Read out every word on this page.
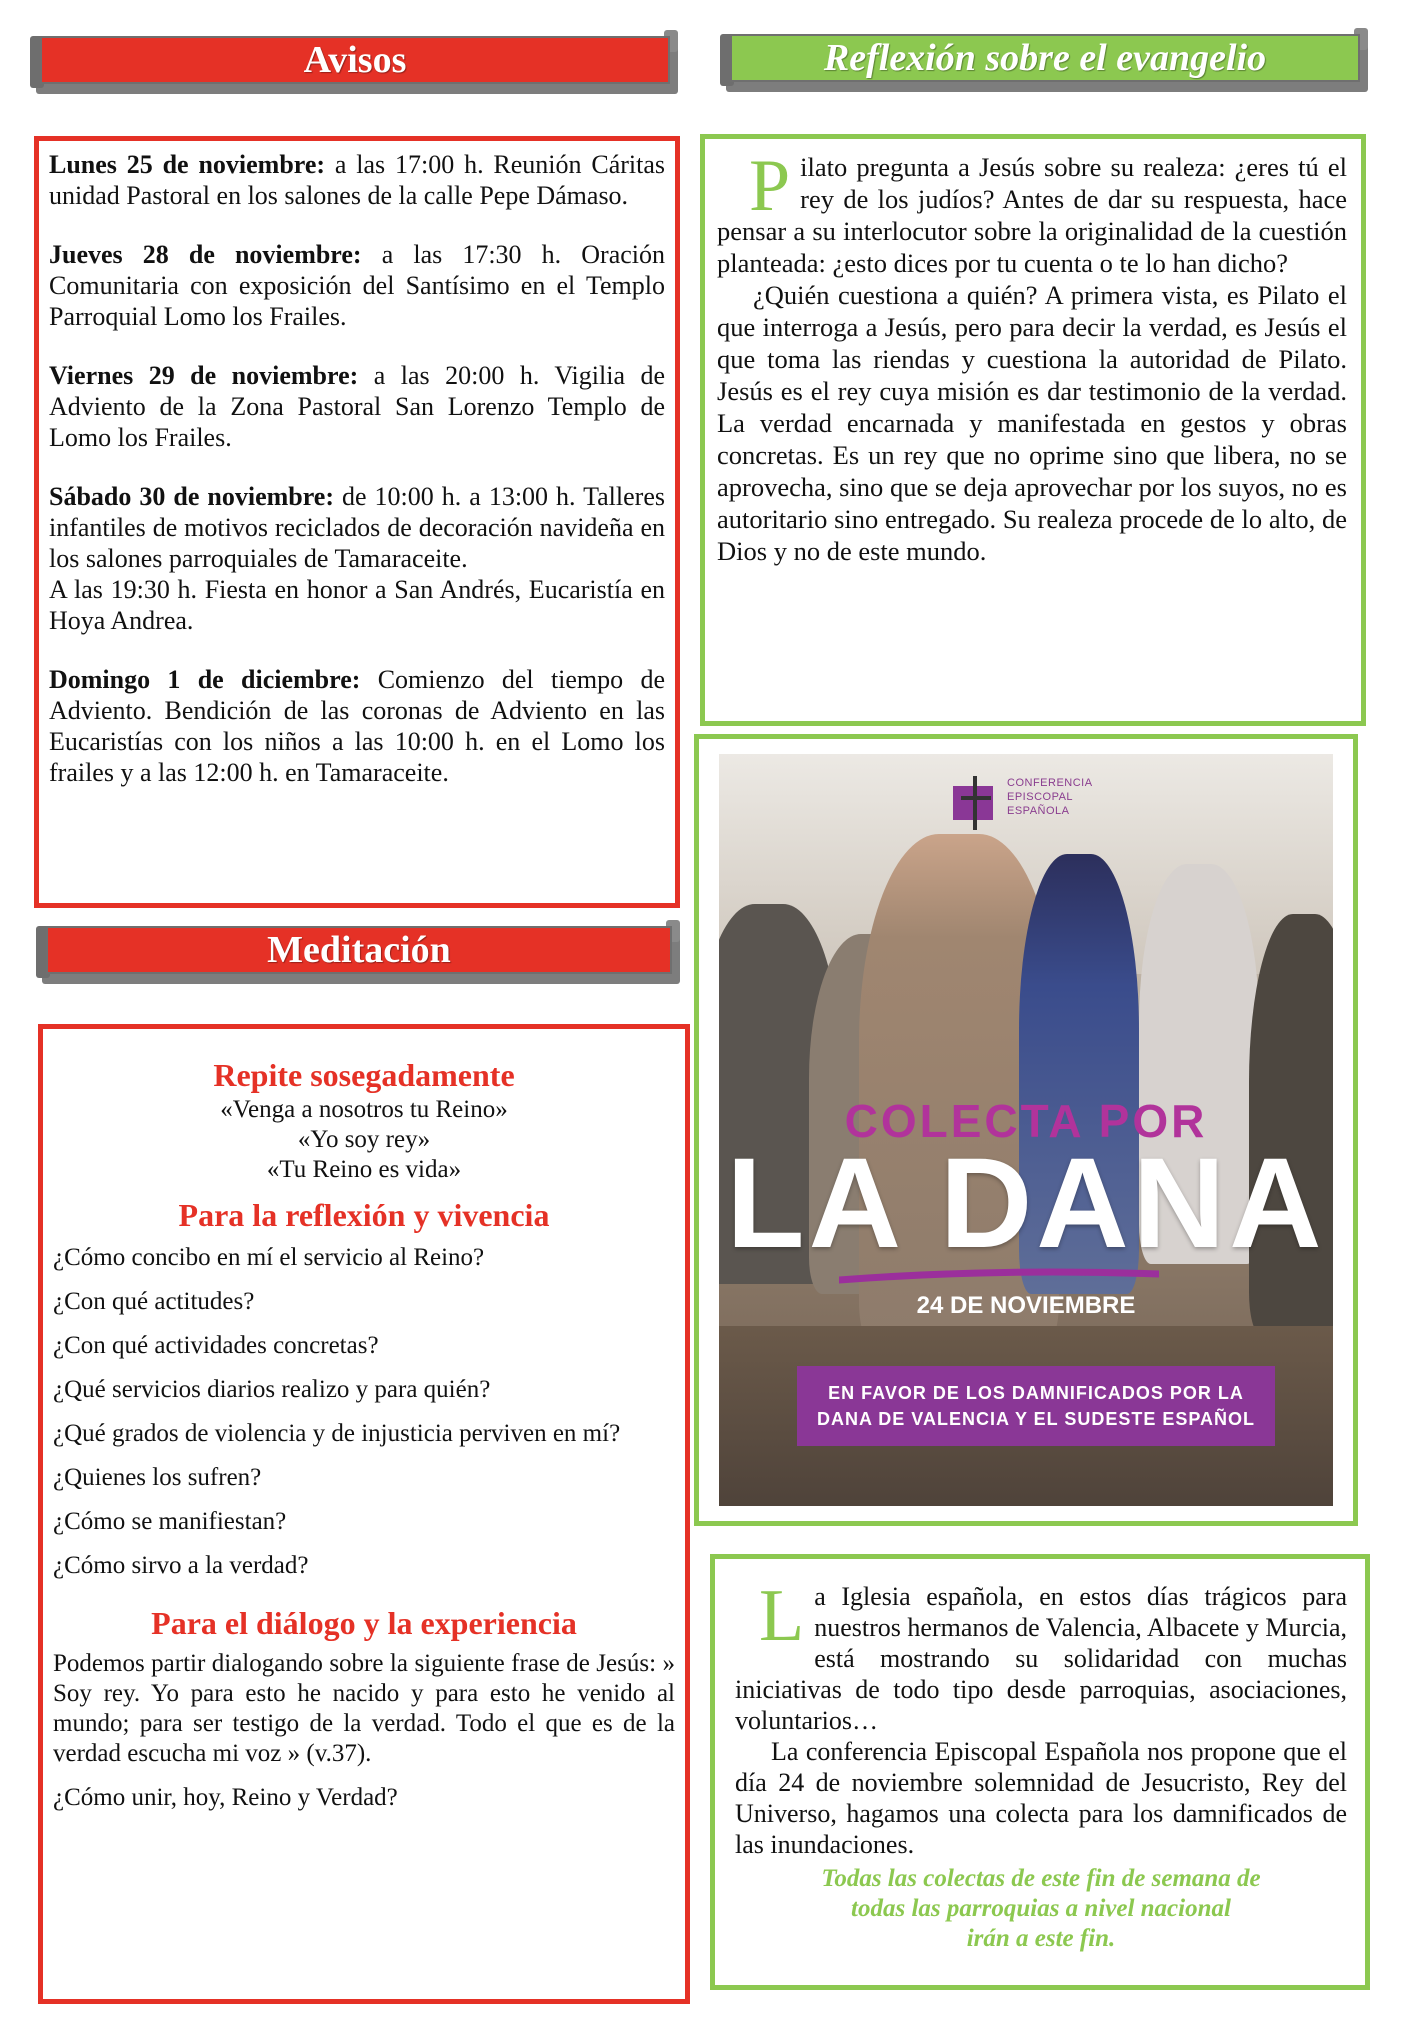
Avisos
Lunes 25 de noviembre: a las 17:00 h. Reunión Cáritas unidad Pastoral en los salones de la calle Pepe Dámaso.
Jueves 28 de noviembre: a las 17:30 h. Oración Comunitaria con exposición del Santísimo en el Templo Parroquial Lomo los Frailes.
Viernes 29 de noviembre: a las 20:00 h. Vigilia de Adviento de la Zona Pastoral San Lorenzo Templo de Lomo los Frailes.
Sábado 30 de noviembre: de 10:00 h. a 13:00 h. Talleres infantiles de motivos reciclados de decoración navideña en los salones parroquiales de Tamaraceite.
A las 19:30 h. Fiesta en honor a San Andrés, Eucaristía en Hoya Andrea.
Domingo 1 de diciembre: Comienzo del tiempo de Adviento. Bendición de las coronas de Adviento en las Eucaristías con los niños a las 10:00 h. en el Lomo los frailes y a las 12:00 h. en Tamaraceite.
Reflexión sobre el evangelio

Pilato pregunta a Jesús sobre su realeza: ¿eres tú el rey de los judíos? Antes de dar su respuesta, hace pensar a su interlocutor sobre la originalidad de la cuestión planteada: ¿esto dices por tu cuenta o te lo han dicho?

¿Quién cuestiona a quién? A primera vista, es Pilato el que interroga a Jesús, pero para decir la verdad, es Jesús el que toma las riendas y cuestiona la autoridad de Pilato. Jesús es el rey cuya misión es dar testimonio de la verdad. La verdad encarnada y manifestada en gestos y obras concretas. Es un rey que no oprime sino que libera, no se aprovecha, sino que se deja aprovechar por los suyos, no es autoritario sino entregado. Su realeza procede de lo alto, de Dios y no de este mundo.

CONFERENCIA
EPISCOPAL
ESPAÑOLA
COLECTA POR
LA DANA
24 DE NOVIEMBRE
EN FAVOR DE LOS DAMNIFICADOS POR LA
DANA DE VALENCIA Y EL SUDESTE ESPAÑOL
Meditación
Repite sosegadamente
«Venga a nosotros tu Reino»
«Yo soy rey»
«Tu Reino es vida»
Para la reflexión y vivencia
¿Cómo concibo en mí el servicio al Reino?
¿Con qué actitudes?
¿Con qué actividades concretas?
¿Qué servicios diarios realizo y para quién?
¿Qué grados de violencia y de injusticia perviven en mí?
¿Quienes los sufren?
¿Cómo se manifiestan?
¿Cómo sirvo a la verdad?
Para el diálogo y la experiencia

Podemos partir dialogando sobre la siguiente frase de Jesús: » Soy rey. Yo para esto he nacido y para esto he venido al mundo; para ser testigo de la verdad. Todo el que es de la verdad escucha mi voz » (v.37).

¿Cómo unir, hoy, Reino y Verdad?

La Iglesia española, en estos días trágicos para nuestros hermanos de Valencia, Albacete y Murcia, está mostrando su solidaridad con muchas iniciativas de todo tipo desde parroquias, asociaciones, voluntarios…

La conferencia Episcopal Española nos propone que el día 24 de noviembre solemnidad de Jesucristo, Rey del Universo, hagamos una colecta para los damnificados de las inundaciones.

Todas las colectas de este fin de semana de
todas las parroquias a nivel nacional
irán a este fin.
